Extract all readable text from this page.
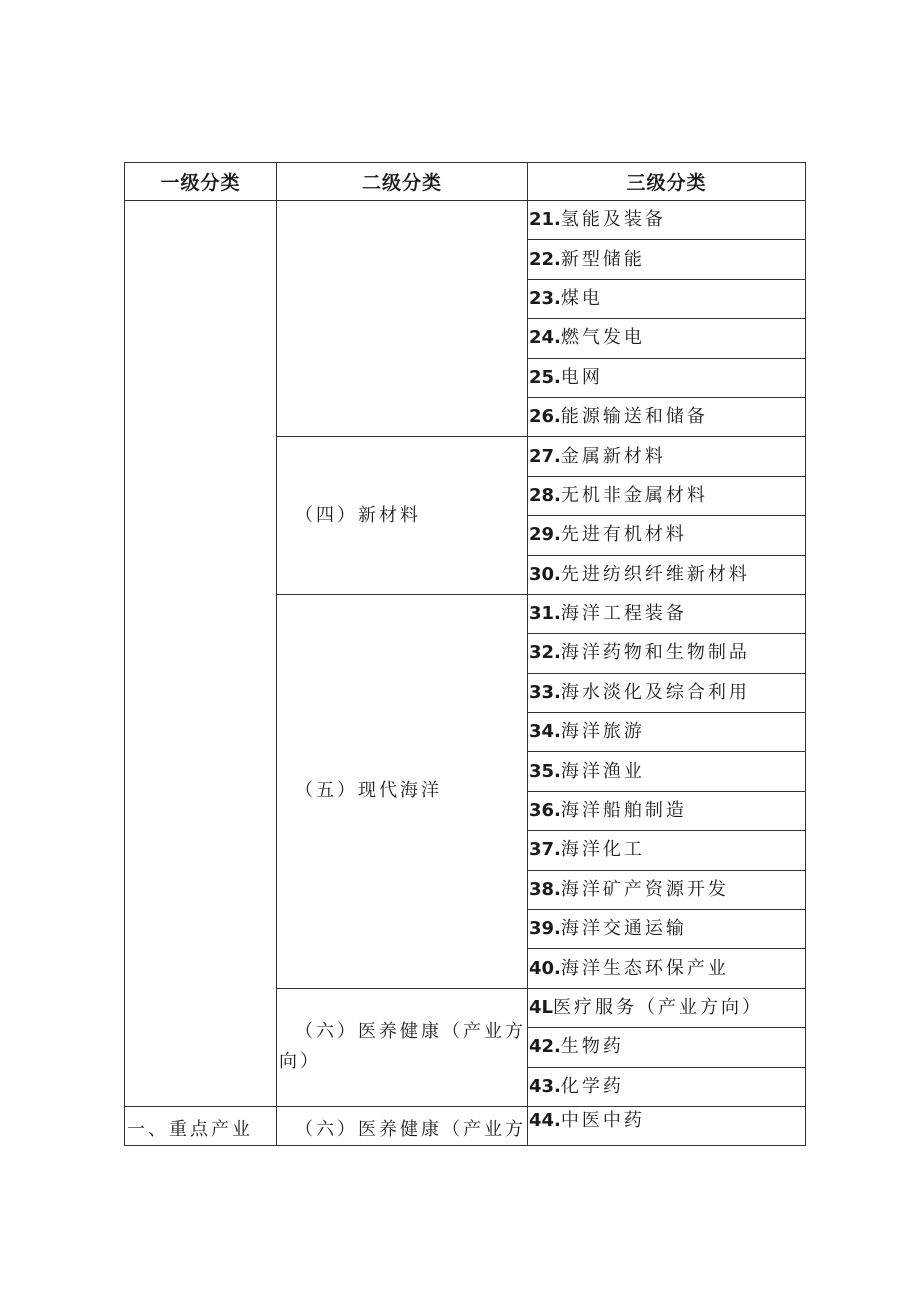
一级分类	二级分类	三级分类
		21.氢能及装备
		22.新型储能
		23.煤电
		24.燃气发电
		25.电网
		26.能源输送和储备
	（四）新材料	27.金属新材料
		28.无机非金属材料
		29.先进有机材料
		30.先进纺织纤维新材料
	（五）现代海洋	31.海洋工程装备
		32.海洋药物和生物制品
		33.海水淡化及综合利用
		34.海洋旅游
		35.海洋渔业
		36.海洋船舶制造
		37.海洋化工
		38.海洋矿产资源开发
		39.海洋交通运输
		40.海洋生态环保产业
	（六）医养健康（产业方向）	4L医疗服务（产业方向）
		42.生物药
		43.化学药
一、重点产业	（六）医养健康（产业方	44.中医中药
